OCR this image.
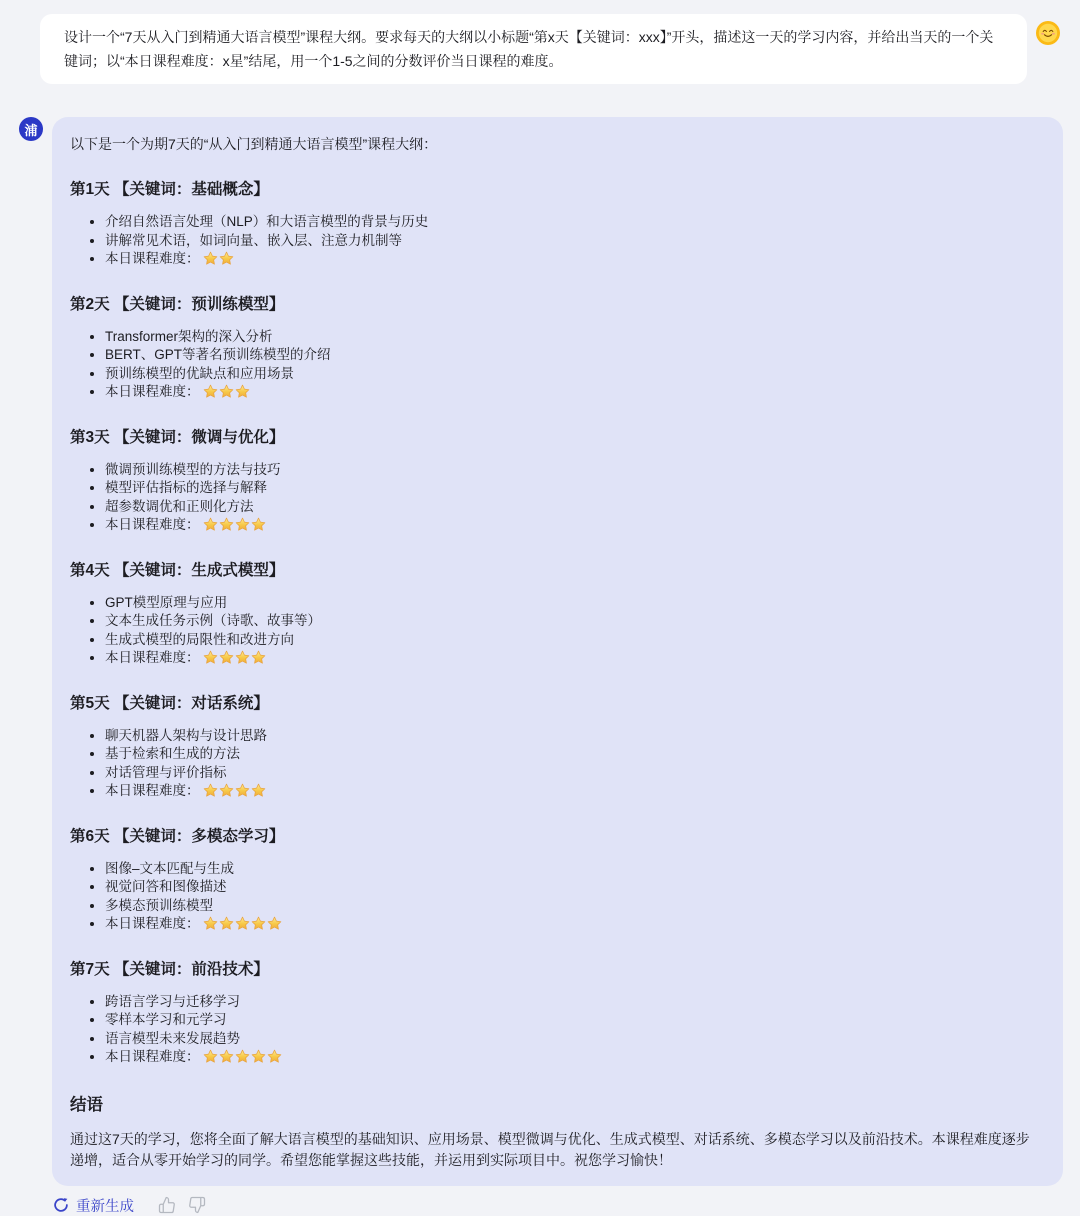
设计一个“7天从入门到精通大语言模型”课程大纲。要求每天的大纲以小标题“第x天【关键词：xxx】”开头，描述这一天的学习内容，并给出当天的一个关键词；以“本日课程难度：x星”结尾，用一个1-5之间的分数评价当日课程的难度。

浦

以下是一个为期7天的“从入门到精通大语言模型”课程大纲：

第1天 【关键词：基础概念】
• 介绍自然语言处理（NLP）和大语言模型的背景与历史
• 讲解常见术语，如词向量、嵌入层、注意力机制等
• 本日课程难度：
第2天 【关键词：预训练模型】
• Transformer架构的深入分析
• BERT、GPT等著名预训练模型的介绍
• 预训练模型的优缺点和应用场景
• 本日课程难度：
第3天 【关键词：微调与优化】
• 微调预训练模型的方法与技巧
• 模型评估指标的选择与解释
• 超参数调优和正则化方法
• 本日课程难度：
第4天 【关键词：生成式模型】
• GPT模型原理与应用
• 文本生成任务示例（诗歌、故事等）
• 生成式模型的局限性和改进方向
• 本日课程难度：
第5天 【关键词：对话系统】
• 聊天机器人架构与设计思路
• 基于检索和生成的方法
• 对话管理与评价指标
• 本日课程难度：
第6天 【关键词：多模态学习】
• 图像–文本匹配与生成
• 视觉问答和图像描述
• 多模态预训练模型
• 本日课程难度：
第7天 【关键词：前沿技术】
• 跨语言学习与迁移学习
• 零样本学习和元学习
• 语言模型未来发展趋势
• 本日课程难度：
结语

通过这7天的学习，您将全面了解大语言模型的基础知识、应用场景、模型微调与优化、生成式模型、对话系统、多模态学习以及前沿技术。本课程难度逐步递增，适合从零开始学习的同学。希望您能掌握这些技能，并运用到实际项目中。祝您学习愉快！

重新生成
